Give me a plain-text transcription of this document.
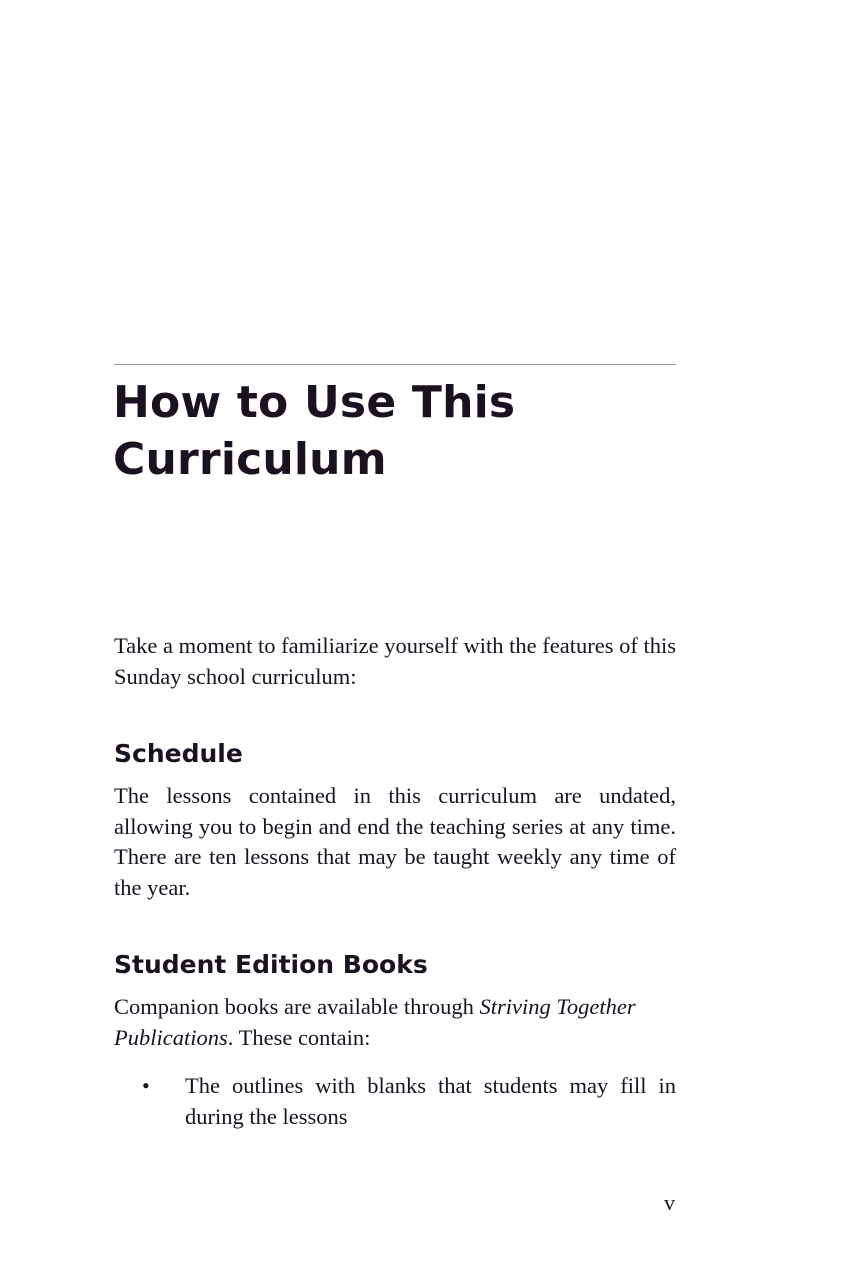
How to Use This Curriculum

Take a moment to familiarize yourself with the features of this Sunday school curriculum:

Schedule

The lessons contained in this curriculum are undated, allowing you to begin and end the teaching series at any time. There are ten lessons that may be taught weekly any time of the year.

Student Edition Books

Companion books are available through Striving Together Publications. These contain:

• The outlines with blanks that students may fill in during the lessons
v
